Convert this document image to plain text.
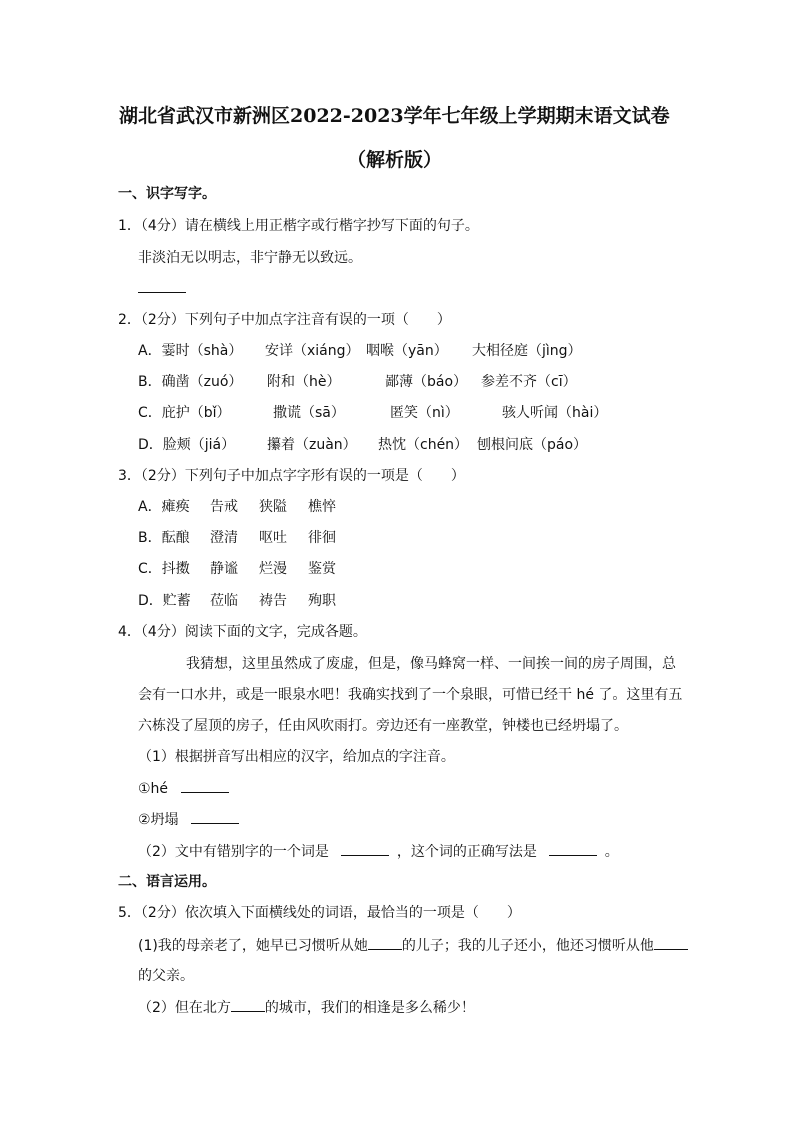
湖北省武汉市新洲区2022-2023学年七年级上学期期末语文试卷
（解析版）
一、识字写字。
1．（4分）请在横线上用正楷字或行楷字抄写下面的句子。
非淡泊无以明志，非宁静无以致远。
2．（2分）下列句子中加点字注音有误的一项（　　）
A．霎时（shà） 安详（xiáng） 咽喉（yān） 大相径庭（jìng）
B．确凿（zuó） 附和（hè）	鄙薄（báo） 参差不齐（cī）
C．庇护（bǐ）	撒谎（sā）	匿笑（nì）	骇人听闻（hài）
D．脸颊（jiá） 攥着（zuàn） 热忱（chén） 刨根问底（páo）
3．（2分）下列句子中加点字字形有误的一项是（　　）
A．瘫痪 告戒 狭隘 樵悴
B．酝酿 澄清 呕吐 徘徊
C．抖擞 静谧 烂漫 鉴赏
D．贮蓄 莅临 祷告 殉职
4．（4分）阅读下面的文字，完成各题。
我猜想，这里虽然成了废虚，但是，像马蜂窝一样、一间挨一间的房子周围，总
会有一口水井，或是一眼泉水吧！我确实找到了一个泉眼，可惜已经干 hé 了。这里有五
六栋没了屋顶的房子，任由风吹雨打。旁边还有一座教堂，钟楼也已经坍塌了。
（1）根据拼音写出相应的汉字，给加点的字注音。
①hé
②坍塌
（2）文中有错别字的一个词是	，这个词的正确写法是	。
二、语言运用。
5．（2分）依次填入下面横线处的词语，最恰当的一项是（　　）
(1)我的母亲老了，她早已习惯听从她 的儿子；我的儿子还小，他还习惯听从他
的父亲。
（2）但在北方 的城市，我们的相逢是多么稀少！
